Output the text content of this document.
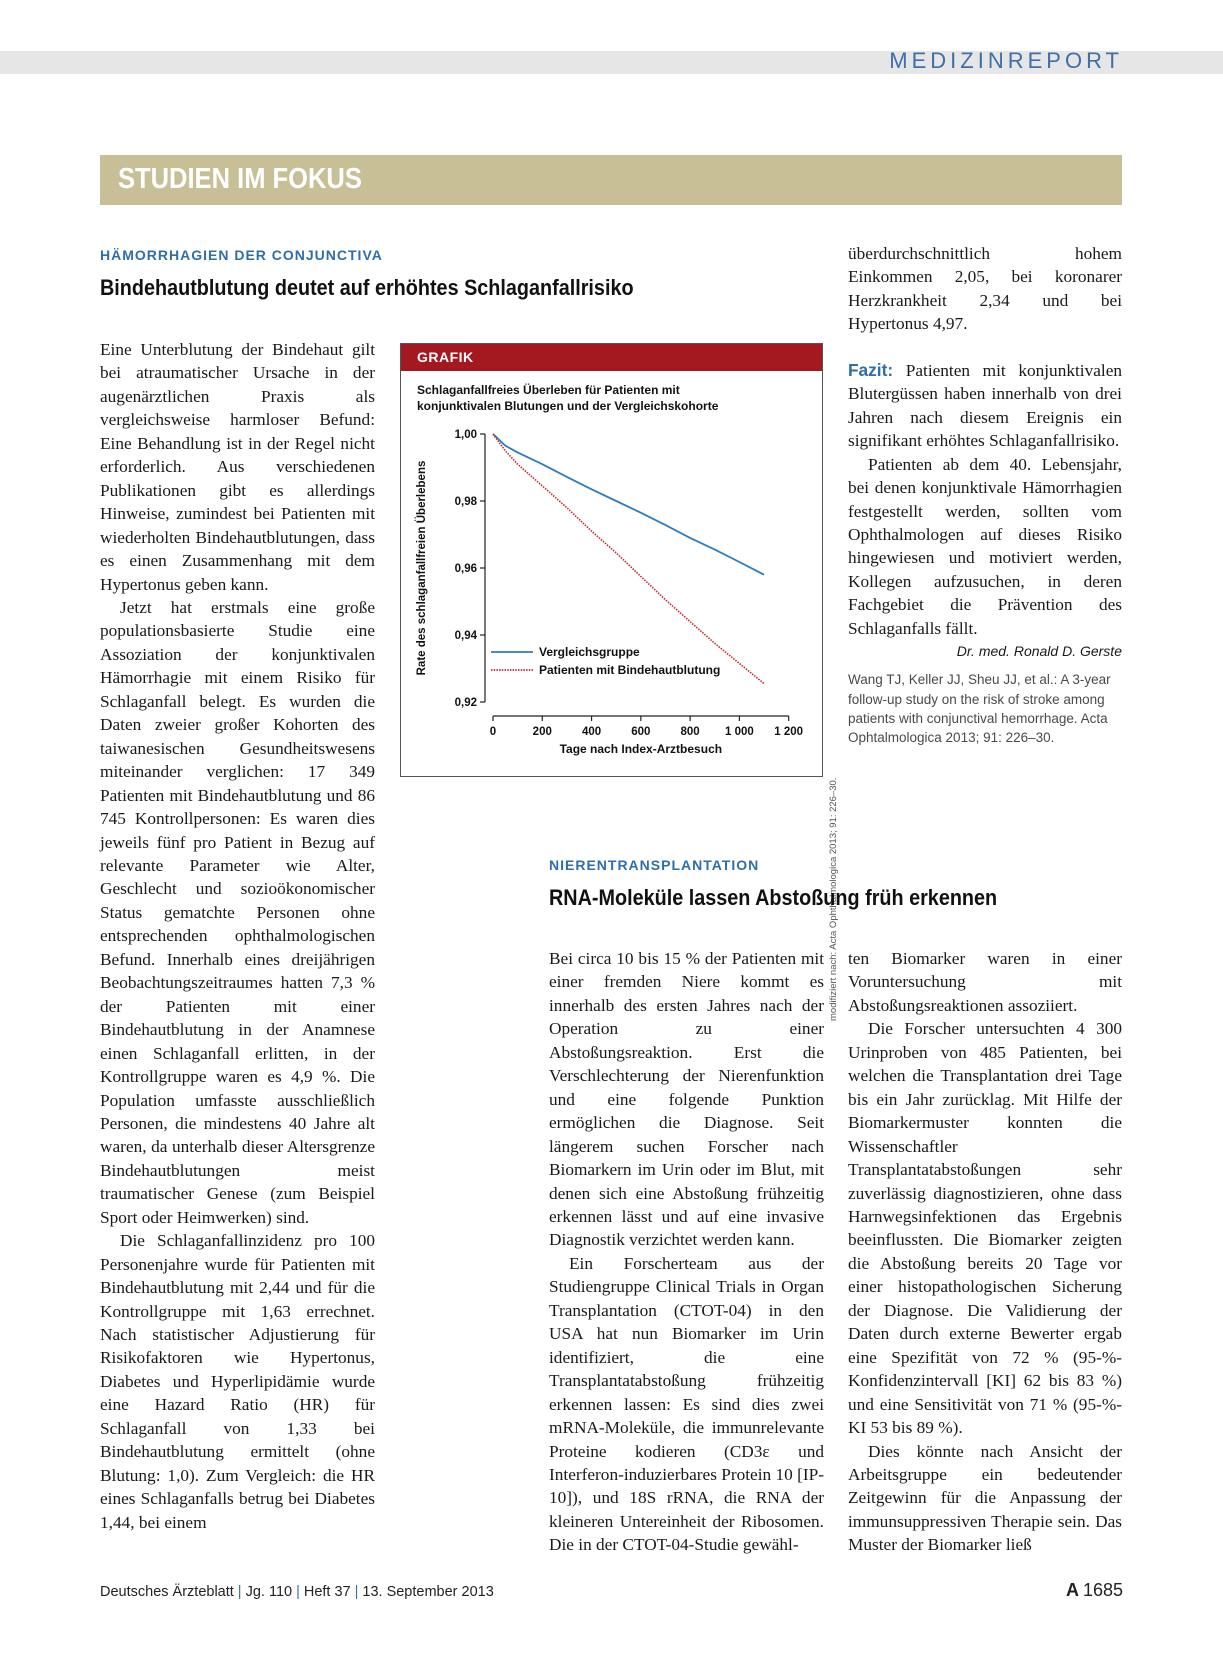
MEDIZINREPORT
STUDIEN IM FOKUS
HÄMORRHAGIEN DER CONJUNCTIVA
Bindehautblutung deutet auf erhöhtes Schlaganfallrisiko

Eine Unterblutung der Bindehaut gilt bei atraumatischer Ursache in der augenärztlichen Praxis als vergleichsweise harmloser Befund: Eine Behandlung ist in der Regel nicht erforderlich. Aus verschiedenen Publikationen gibt es allerdings Hinweise, zumindest bei Patienten mit wiederholten Bindehautblutungen, dass es einen Zusammenhang mit dem Hypertonus geben kann.

Jetzt hat erstmals eine große populationsbasierte Studie eine Assoziation der konjunktivalen Hämorrhagie mit einem Risiko für Schlaganfall belegt. Es wurden die Daten zweier großer Kohorten des taiwanesischen Gesundheitswesens miteinander verglichen: 17 349 Patienten mit Bindehautblutung und 86 745 Kontrollpersonen: Es waren dies jeweils fünf pro Patient in Bezug auf relevante Parameter wie Alter, Geschlecht und sozioökonomischer Status gematchte Personen ohne entsprechenden ophthalmologischen Befund. Innerhalb eines dreijährigen Beobachtungszeitraumes hatten 7,3 % der Patienten mit einer Bindehautblutung in der Anamnese einen Schlaganfall erlitten, in der Kontrollgruppe waren es 4,9 %. Die Population umfasste ausschließlich Personen, die mindestens 40 Jahre alt waren, da unterhalb dieser Altersgrenze Bindehautblutungen meist traumatischer Genese (zum Beispiel Sport oder Heimwerken) sind.

Die Schlaganfallinzidenz pro 100 Personenjahre wurde für Patienten mit Bindehautblutung mit 2,44 und für die Kontrollgruppe mit 1,63 errechnet. Nach statistischer Adjustierung für Risikofaktoren wie Hypertonus, Diabetes und Hyperlipidämie wurde eine Hazard Ratio (HR) für Schlaganfall von 1,33 bei Bindehautblutung ermittelt (ohne Blutung: 1,0). Zum Vergleich: die HR eines Schlaganfalls betrug bei Diabetes 1,44, bei einem

GRAFIK
Schlaganfallfreies Überleben für Patienten mit
konjunktivalen Blutungen und der Vergleichskohorte
Rate des schlaganfallfreien Überlebens
Tage nach Index-Arztbesuch
0,92
0,94
0,96
0,98
1,00
0	200	400	600	800 1 000 1 200
Vergleichsgruppe
Patienten mit Bindehautblutung
modifiziert nach: Acta Ophthalmologica 2013; 91: 226–30.

überdurchschnittlich hohem Einkommen 2,05, bei koronarer Herzkrankheit 2,34 und bei Hypertonus 4,97.

Fazit: Patienten mit konjunktivalen Blutergüssen haben innerhalb von drei Jahren nach diesem Ereignis ein signifikant erhöhtes Schlaganfallrisiko.

Patienten ab dem 40. Lebensjahr, bei denen konjunktivale Hämorrhagien festgestellt werden, sollten vom Ophthalmologen auf dieses Risiko hingewiesen und motiviert werden, Kollegen aufzusuchen, in deren Fachgebiet die Prävention des Schlaganfalls fällt.

Dr. med. Ronald D. Gerste
Wang TJ, Keller JJ, Sheu JJ, et al.: A 3-year follow-up study on the risk of stroke among patients with conjunctival hemorrhage. Acta Ophtalmologica 2013; 91: 226–30.
NIERENTRANSPLANTATION
RNA-Moleküle lassen Abstoßung früh erkennen

Bei circa 10 bis 15 % der Patienten mit einer fremden Niere kommt es innerhalb des ersten Jahres nach der Operation zu einer Abstoßungsreaktion. Erst die Verschlechterung der Nierenfunktion und eine folgende Punktion ermöglichen die Diagnose. Seit längerem suchen Forscher nach Biomarkern im Urin oder im Blut, mit denen sich eine Abstoßung frühzeitig erkennen lässt und auf eine invasive Diagnostik verzichtet werden kann.

Ein Forscherteam aus der Studiengruppe Clinical Trials in Organ Transplantation (CTOT-04) in den USA hat nun Biomarker im Urin identifiziert, die eine Transplantatabstoßung frühzeitig erkennen lassen: Es sind dies zwei mRNA-Moleküle, die immunrelevante Proteine kodieren (CD3ε und Interferon-induzierbares Protein 10 [IP-10]), und 18S rRNA, die RNA der kleineren Untereinheit der Ribosomen. Die in der CTOT-04-Studie gewähl-

ten Biomarker waren in einer Voruntersuchung mit Abstoßungsreaktionen assoziiert.

Die Forscher untersuchten 4 300 Urinproben von 485 Patienten, bei welchen die Transplantation drei Tage bis ein Jahr zurücklag. Mit Hilfe der Biomarkermuster konnten die Wissenschaftler Transplantatabstoßungen sehr zuverlässig diagnostizieren, ohne dass Harnwegsinfektionen das Ergebnis beeinflussten. Die Biomarker zeigten die Abstoßung bereits 20 Tage vor einer histopathologischen Sicherung der Diagnose. Die Validierung der Daten durch externe Bewerter ergab eine Spezifität von 72 % (95-%-Konfidenzintervall [KI] 62 bis 83 %) und eine Sensitivität von 71 % (95-%-KI 53 bis 89 %).

Dies könnte nach Ansicht der Arbeitsgruppe ein bedeutender Zeitgewinn für die Anpassung der immunsuppressiven Therapie sein. Das Muster der Biomarker ließ

Deutsches Ärzteblatt | Jg. 110 | Heft 37 | 13. September 2013	A 1685
